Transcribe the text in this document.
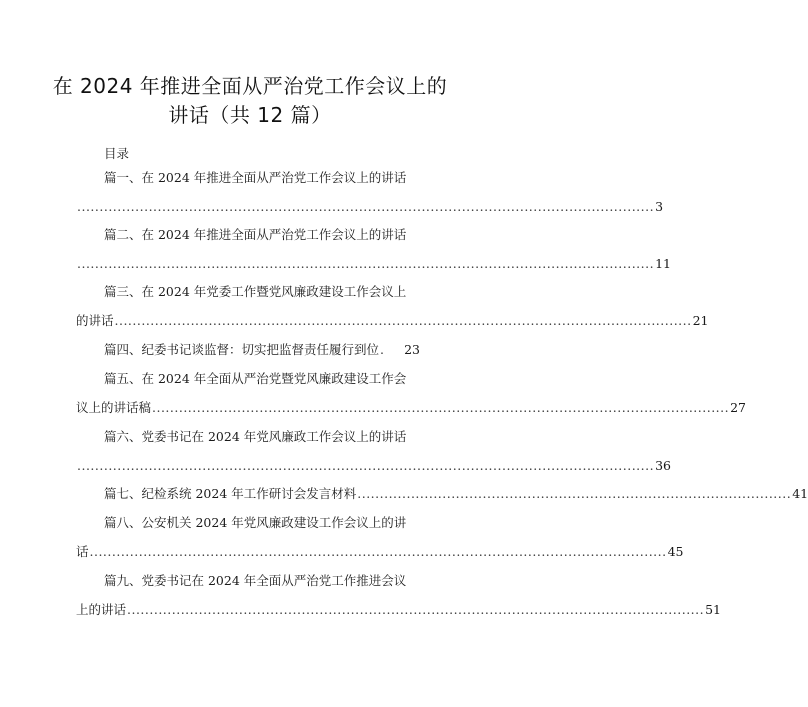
在 2024 年推进全面从严治党工作会议上的
讲话（共 12 篇）
目录
篇一、在 2024 年推进全面从严治党工作会议上的讲话
................................................................................................................................. 3
篇二、在 2024 年推进全面从严治党工作会议上的讲话
................................................................................................................................. 11
篇三、在 2024 年党委工作暨党风廉政建设工作会议上
的讲话 ................................................................................................................................. 21
篇四、纪委书记谈监督：切实把监督责任履行到位 .	23
篇五、在 2024 年全面从严治党暨党风廉政建设工作会
议上的讲话稿 ................................................................................................................................. 27
篇六、党委书记在 2024 年党风廉政工作会议上的讲话
................................................................................................................................. 36
篇七、纪检系统 2024 年工作研讨会发言材料 ................................................................................................. 41
篇八、公安机关 2024 年党风廉政建设工作会议上的讲
话 ................................................................................................................................. 45
篇九、党委书记在 2024 年全面从严治党工作推进会议
上的讲话 ................................................................................................................................. 51
